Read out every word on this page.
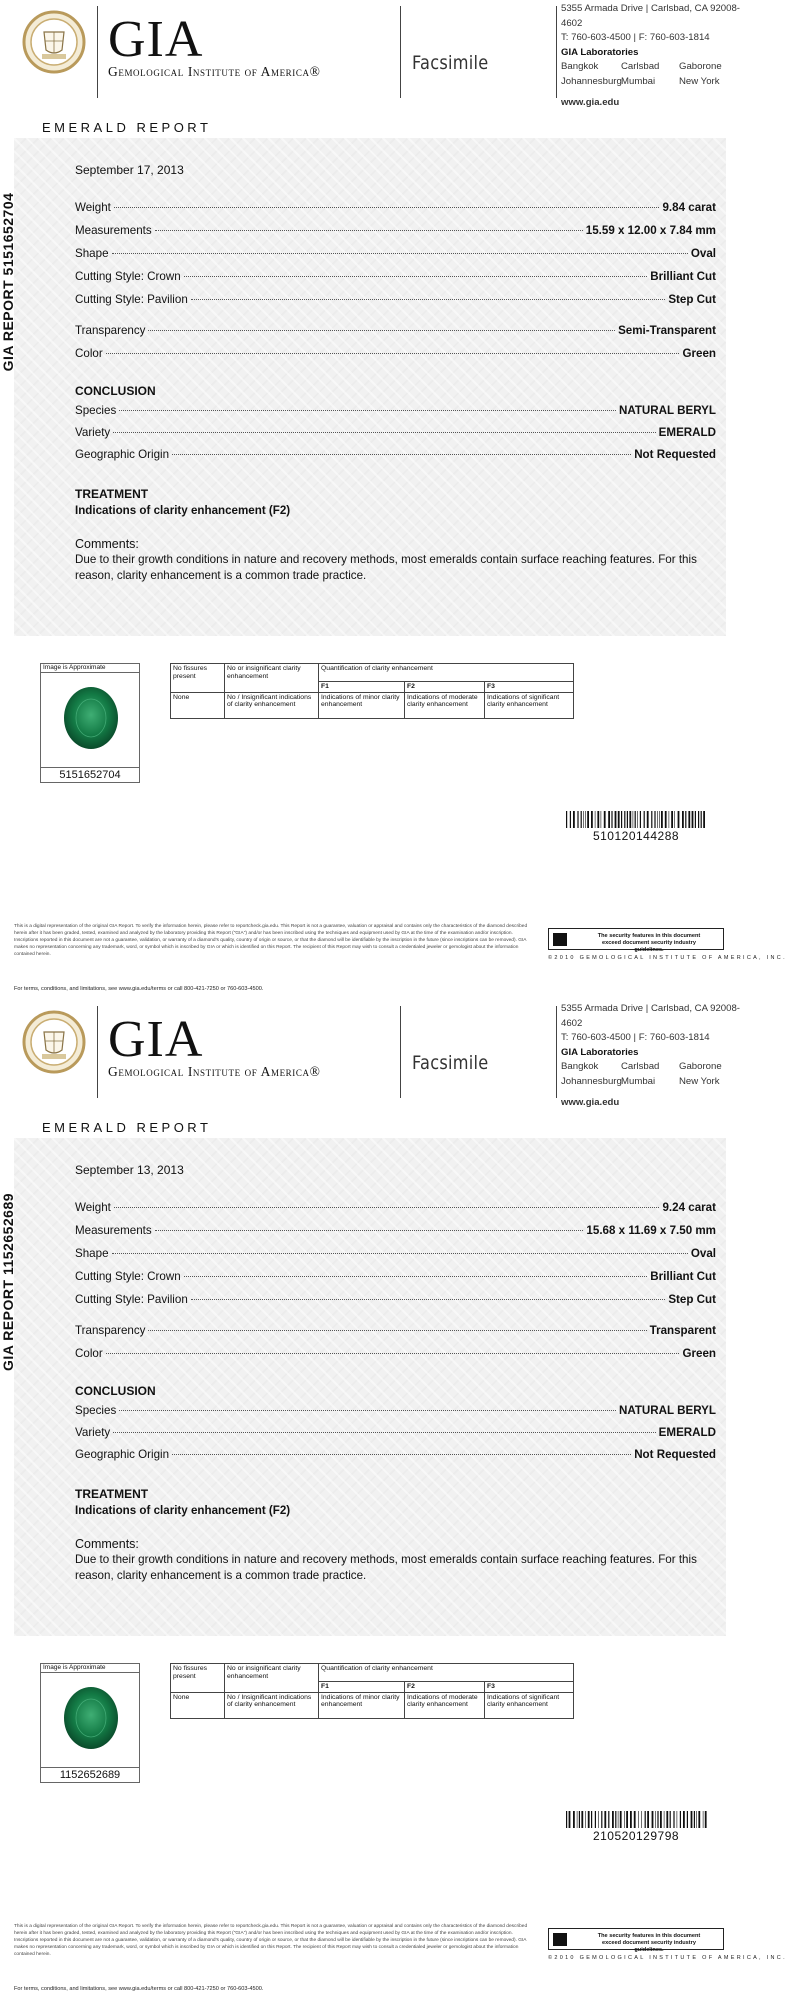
GIA
Gemological Institute of America®	Facsimile
5355 Armada Drive | Carlsbad, CA 92008-4602
T: 760-603-4500 | F: 760-603-1814
GIA Laboratories
Bangkok	Carlsbad	Gaborone
Johannesburg Mumbai	New York
www.gia.edu
EMERALD REPORT
GIA REPORT 5151652704
September 17, 2013
Weight	9.84 carat
Measurements	15.59 x 12.00 x 7.84 mm
Shape	Oval
Cutting Style: Crown	Brilliant Cut
Cutting Style: Pavilion	Step Cut
Transparency	Semi-Transparent
Color	Green
CONCLUSION
Species	NATURAL BERYL
Variety	EMERALD
Geographic Origin	Not Requested
TREATMENT
Indications of clarity enhancement (F2)
Comments:
Due to their growth conditions in nature and recovery methods, most emeralds contain surface reaching features. For this reason, clarity enhancement is a common trade practice.
Image is Approximate
5151652704
No fissures present	No or insignificant clarity enhancement	Quantification of clarity enhancement		
		F1	F2	F3
None	No / Insignificant indications of clarity enhancement	Indications of minor clarity enhancement	Indications of moderate clarity enhancement	Indications of significant clarity enhancement
510120144288
This is a digital representation of the original GIA Report. To verify the information herein, please refer to reportcheck.gia.edu. This Report is not a guarantee, valuation or appraisal and contains only the characteristics of the diamond described herein after it has been graded, tested, examined and analyzed by the laboratory providing this Report ("GIA") and/or has been inscribed using the techniques and equipment used by GIA at the time of the examination and/or inscription. Inscriptions reported in this document are not a guarantee, validation, or warranty of a diamond's quality, country of origin or source, or that the diamond will be identifiable by the inscription in the future (since inscriptions can be removed). GIA makes no representation concerning any trademark, word, or symbol which is inscribed by GIA or which is identified on this Report. The recipient of this Report may wish to consult a credentialed jeweler or gemologist about the information contained herein.
For terms, conditions, and limitations, see www.gia.edu/terms or call 800-421-7250 or 760-603-4500.
The security features in this document exceed document security industry guidelines.
©2010 GEMOLOGICAL INSTITUTE OF AMERICA, INC.
GIA
Gemological Institute of America®	Facsimile
5355 Armada Drive | Carlsbad, CA 92008-4602
T: 760-603-4500 | F: 760-603-1814
GIA Laboratories
Bangkok	Carlsbad	Gaborone
Johannesburg Mumbai	New York
www.gia.edu
EMERALD REPORT
GIA REPORT 1152652689
September 13, 2013
Weight	9.24 carat
Measurements	15.68 x 11.69 x 7.50 mm
Shape	Oval
Cutting Style: Crown	Brilliant Cut
Cutting Style: Pavilion	Step Cut
Transparency	Transparent
Color	Green
CONCLUSION
Species	NATURAL BERYL
Variety	EMERALD
Geographic Origin	Not Requested
TREATMENT
Indications of clarity enhancement (F2)
Comments:
Due to their growth conditions in nature and recovery methods, most emeralds contain surface reaching features. For this reason, clarity enhancement is a common trade practice.
Image is Approximate
1152652689
No fissures present	No or insignificant clarity enhancement	Quantification of clarity enhancement		
		F1	F2	F3
None	No / Insignificant indications of clarity enhancement	Indications of minor clarity enhancement	Indications of moderate clarity enhancement	Indications of significant clarity enhancement
210520129798
This is a digital representation of the original GIA Report. To verify the information herein, please refer to reportcheck.gia.edu. This Report is not a guarantee, valuation or appraisal and contains only the characteristics of the diamond described herein after it has been graded, tested, examined and analyzed by the laboratory providing this Report ("GIA") and/or has been inscribed using the techniques and equipment used by GIA at the time of the examination and/or inscription. Inscriptions reported in this document are not a guarantee, validation, or warranty of a diamond's quality, country of origin or source, or that the diamond will be identifiable by the inscription in the future (since inscriptions can be removed). GIA makes no representation concerning any trademark, word, or symbol which is inscribed by GIA or which is identified on this Report. The recipient of this Report may wish to consult a credentialed jeweler or gemologist about the information contained herein.
For terms, conditions, and limitations, see www.gia.edu/terms or call 800-421-7250 or 760-603-4500.
The security features in this document exceed document security industry guidelines.
©2010 GEMOLOGICAL INSTITUTE OF AMERICA, INC.
